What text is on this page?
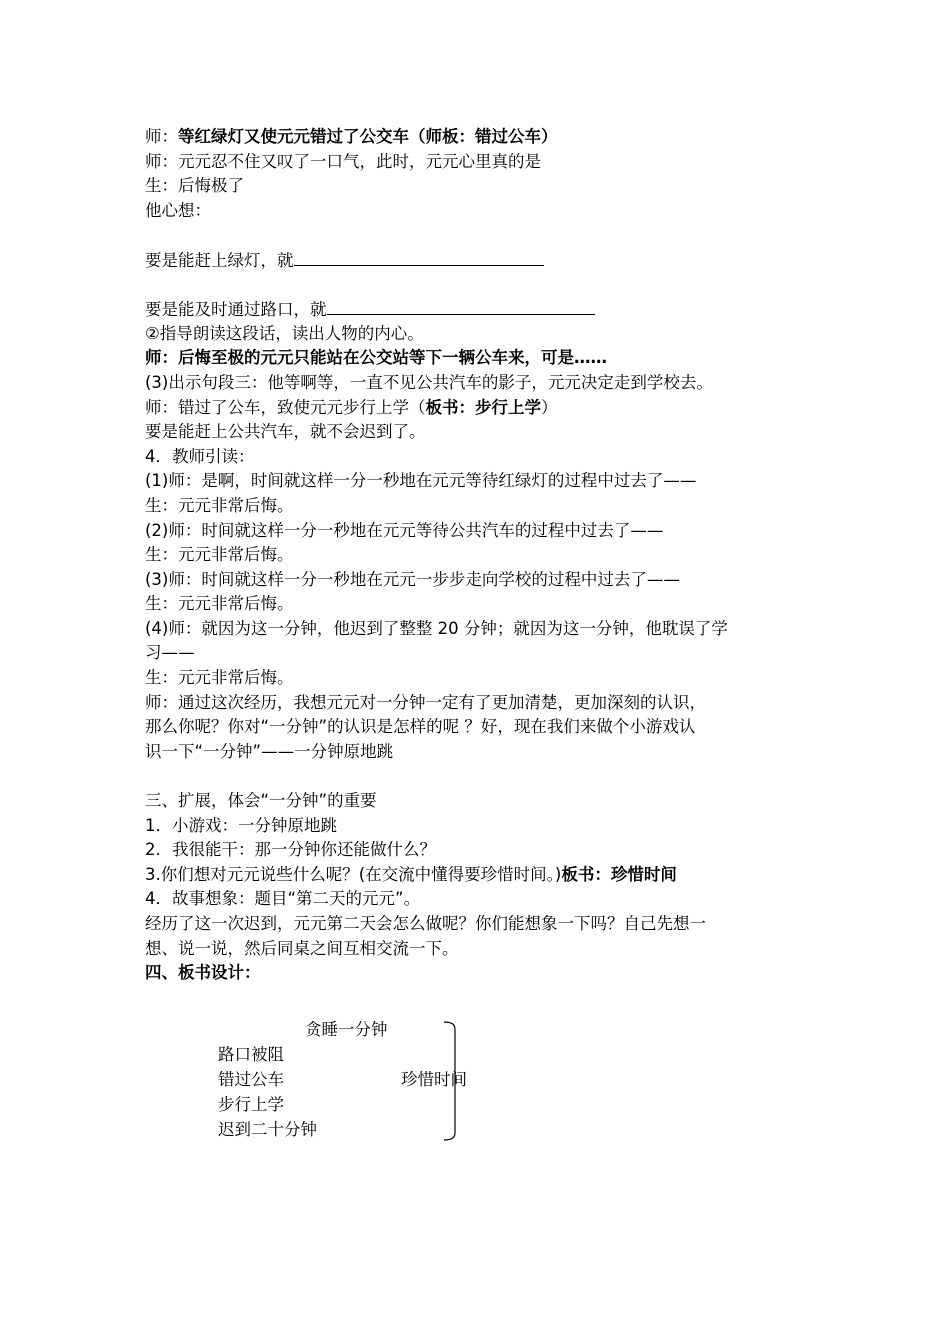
师：等红绿灯又使元元错过了公交车（师板：错过公车）
师：元元忍不住又叹了一口气，此时，元元心里真的是
生：后悔极了
他心想：
要是能赶上绿灯，就
要是能及时通过路口，就
②指导朗读这段话，读出人物的内心。
师：后悔至极的元元只能站在公交站等下一辆公车来，可是……
(3)出示句段三：他等啊等，一直不见公共汽车的影子，元元决定走到学校去。
师：错过了公车，致使元元步行上学（板书：步行上学）
要是能赶上公共汽车，就不会迟到了。
4．教师引读：
(1)师：是啊，时间就这样一分一秒地在元元等待红绿灯的过程中过去了——
生：元元非常后悔。
(2)师：时间就这样一分一秒地在元元等待公共汽车的过程中过去了——
生：元元非常后悔。
(3)师：时间就这样一分一秒地在元元一步步走向学校的过程中过去了——
生：元元非常后悔。
(4)师：就因为这一分钟，他迟到了整整 20 分钟；就因为这一分钟，他耽误了学
习——
生：元元非常后悔。
师：通过这次经历，我想元元对一分钟一定有了更加清楚，更加深刻的认识，
那么你呢？你对“一分钟”的认识是怎样的呢 ？好，现在我们来做个小游戏认
识一下“一分钟”——一分钟原地跳
三、扩展，体会“一分钟”的重要
1．小游戏：一分钟原地跳
2．我很能干：那一分钟你还能做什么？
3.你们想对元元说些什么呢？(在交流中懂得要珍惜时间。)板书：珍惜时间
4．故事想象：题目“第二天的元元”。
经历了这一次迟到，元元第二天会怎么做呢？你们能想象一下吗？自己先想一
想、说一说，然后同桌之间互相交流一下。
四、板书设计：
贪睡一分钟
路口被阻
错过公车
步行上学
迟到二十分钟
珍惜时间
